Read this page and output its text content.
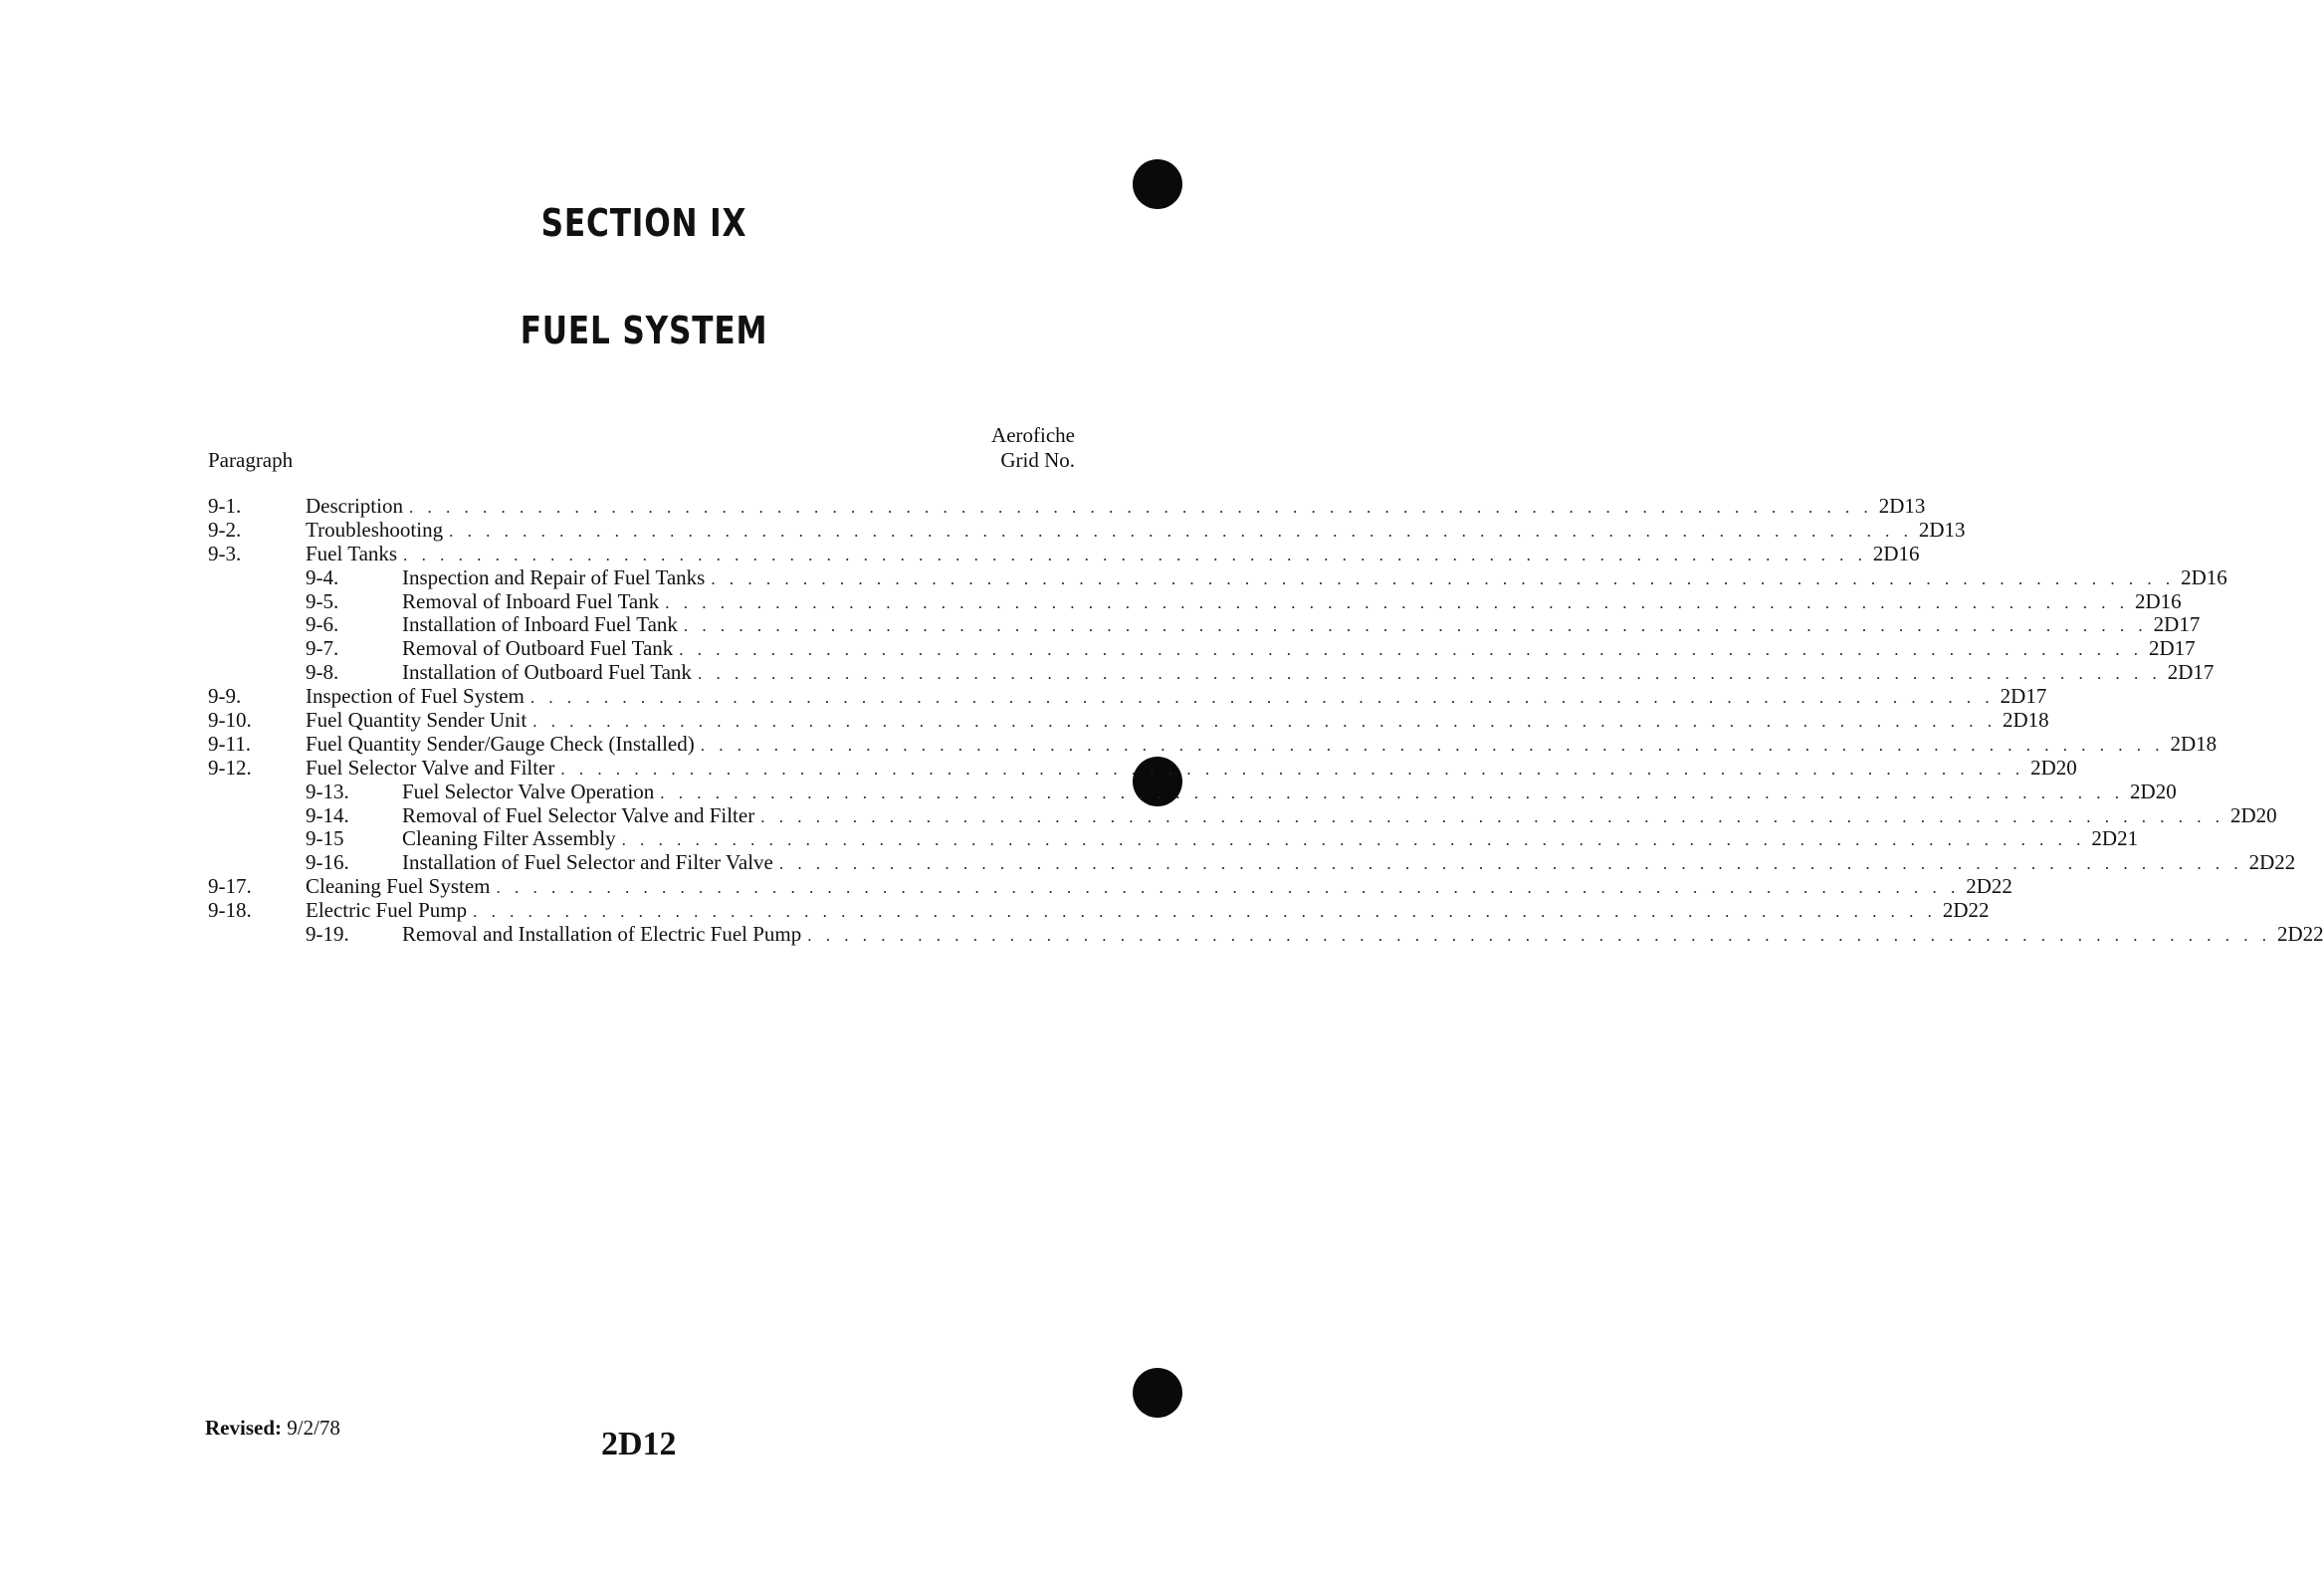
SECTION IX
FUEL SYSTEM
Paragraph
Aerofiche
Grid No.
9-1.	Description . . . . . . . . . . . . . . . . . . . . . . . . . . . . . . . . . . . . . . . . . . . . . . . . . . . . . . . . . . . . . . . . . . . . . . . . . . . . . . . . 2D13
9-2.	Troubleshooting . . . . . . . . . . . . . . . . . . . . . . . . . . . . . . . . . . . . . . . . . . . . . . . . . . . . . . . . . . . . . . . . . . . . . . . . . . . . . . . . 2D13
9-3.	Fuel Tanks . . . . . . . . . . . . . . . . . . . . . . . . . . . . . . . . . . . . . . . . . . . . . . . . . . . . . . . . . . . . . . . . . . . . . . . . . . . . . . . . 2D16
9-4.	Inspection and Repair of Fuel Tanks . . . . . . . . . . . . . . . . . . . . . . . . . . . . . . . . . . . . . . . . . . . . . . . . . . . . . . . . . . . . . . . . . . . . . . . . . . . . . . . . 2D16
9-5.	Removal of Inboard Fuel Tank . . . . . . . . . . . . . . . . . . . . . . . . . . . . . . . . . . . . . . . . . . . . . . . . . . . . . . . . . . . . . . . . . . . . . . . . . . . . . . . . 2D16
9-6.	Installation of Inboard Fuel Tank . . . . . . . . . . . . . . . . . . . . . . . . . . . . . . . . . . . . . . . . . . . . . . . . . . . . . . . . . . . . . . . . . . . . . . . . . . . . . . . . 2D17
9-7.	Removal of Outboard Fuel Tank . . . . . . . . . . . . . . . . . . . . . . . . . . . . . . . . . . . . . . . . . . . . . . . . . . . . . . . . . . . . . . . . . . . . . . . . . . . . . . . . 2D17
9-8.	Installation of Outboard Fuel Tank . . . . . . . . . . . . . . . . . . . . . . . . . . . . . . . . . . . . . . . . . . . . . . . . . . . . . . . . . . . . . . . . . . . . . . . . . . . . . . . . 2D17
9-9.	Inspection of Fuel System . . . . . . . . . . . . . . . . . . . . . . . . . . . . . . . . . . . . . . . . . . . . . . . . . . . . . . . . . . . . . . . . . . . . . . . . . . . . . . . . 2D17
9-10.	Fuel Quantity Sender Unit . . . . . . . . . . . . . . . . . . . . . . . . . . . . . . . . . . . . . . . . . . . . . . . . . . . . . . . . . . . . . . . . . . . . . . . . . . . . . . . . 2D18
9-11.	Fuel Quantity Sender/Gauge Check (Installed) . . . . . . . . . . . . . . . . . . . . . . . . . . . . . . . . . . . . . . . . . . . . . . . . . . . . . . . . . . . . . . . . . . . . . . . . . . . . . . . . 2D18
9-12.	Fuel Selector Valve and Filter . . . . . . . . . . . . . . . . . . . . . . . . . . . . . . . . . . . . . . . . . . . . . . . . . . . . . . . . . . . . . . . . . . . . . . . . . . . . . . . . 2D20
9-13.	Fuel Selector Valve Operation . . . . . . . . . . . . . . . . . . . . . . . . . . . . . . . . . . . . . . . . . . . . . . . . . . . . . . . . . . . . . . . . . . . . . . . . . . . . . . . . 2D20
9-14.	Removal of Fuel Selector Valve and Filter . . . . . . . . . . . . . . . . . . . . . . . . . . . . . . . . . . . . . . . . . . . . . . . . . . . . . . . . . . . . . . . . . . . . . . . . . . . . . . . . 2D20
9-15	Cleaning Filter Assembly . . . . . . . . . . . . . . . . . . . . . . . . . . . . . . . . . . . . . . . . . . . . . . . . . . . . . . . . . . . . . . . . . . . . . . . . . . . . . . . . 2D21
9-16.	Installation of Fuel Selector and Filter Valve . . . . . . . . . . . . . . . . . . . . . . . . . . . . . . . . . . . . . . . . . . . . . . . . . . . . . . . . . . . . . . . . . . . . . . . . . . . . . . . . 2D22
9-17.	Cleaning Fuel System . . . . . . . . . . . . . . . . . . . . . . . . . . . . . . . . . . . . . . . . . . . . . . . . . . . . . . . . . . . . . . . . . . . . . . . . . . . . . . . . 2D22
9-18.	Electric Fuel Pump . . . . . . . . . . . . . . . . . . . . . . . . . . . . . . . . . . . . . . . . . . . . . . . . . . . . . . . . . . . . . . . . . . . . . . . . . . . . . . . . 2D22
9-19.	Removal and Installation of Electric Fuel Pump . . . . . . . . . . . . . . . . . . . . . . . . . . . . . . . . . . . . . . . . . . . . . . . . . . . . . . . . . . . . . . . . . . . . . . . . . . . . . . . . 2D22
Revised: 9/2/78	2D12
